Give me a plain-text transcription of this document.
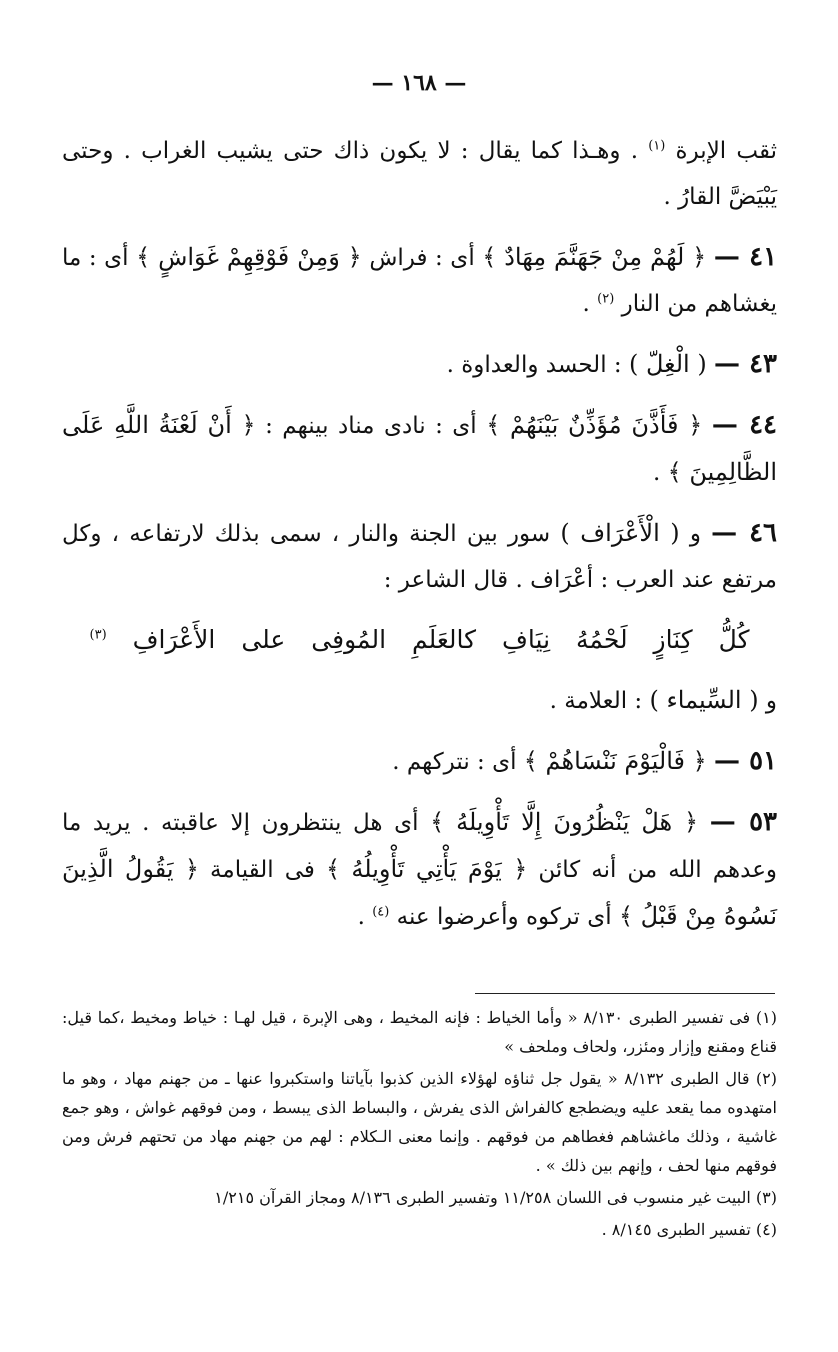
— ١٦٨ —

ثقب الإبرة $^{(١)}$ . وهـذا كما يقال : لا يكون ذاك حتى يشيب الغراب . وحتى يَبْيَضَّ القارُ .

٤١ — ﴿ لَهُمْ مِنْ جَهَنَّمَ مِهَادٌ ﴾ أى : فراش ﴿ وَمِنْ فَوْقِهِمْ غَوَاشٍ ﴾ أى : ما يغشاهم من النار $^{(٢)}$ .

٤٣ — ( الْغِلّ ) : الحسد والعداوة .

٤٤ — ﴿ فَأَذَّنَ مُؤَذِّنٌ بَيْنَهُمْ ﴾ أى : نادى مناد بينهم : ﴿ أَنْ لَعْنَةُ اللَّهِ عَلَى الظَّالِمِينَ ﴾ .

٤٦ — و ( الْأَعْرَاف ) سور بين الجنة والنار ، سمى بذلك لارتفاعه ، وكل مرتفع عند العرب : أعْرَاف . قال الشاعر :

كُلُّ كِنَازٍ لَحْمُهُ نِيَافِ كالعَلَمِ المُوفِى على الأَعْرَافِ $^{(٣)}$

و ( السِّيماء ) : العلامة .

٥١ — ﴿ فَالْيَوْمَ نَنْسَاهُمْ ﴾ أى : نتركهم .

٥٣ — ﴿ هَلْ يَنْظُرُونَ إِلَّا تَأْوِيلَهُ ﴾ أى هل ينتظرون إلا عاقبته . يريد ما وعدهم الله من أنه كائن ﴿ يَوْمَ يَأْتِي تَأْوِيلُهُ ﴾ فى القيامة ﴿ يَقُولُ الَّذِينَ نَسُوهُ مِنْ قَبْلُ ﴾ أى تركوه وأعرضوا عنه $^{(٤)}$ .

(١) فى تفسير الطبرى ٨/١٣٠ « وأما الخياط : فإنه المخيط ، وهى الإبرة ، قيل لهـا : خياط ومخيط ،كما قيل: قناع ومقنع وإزار ومئزر، ولحاف وملحف »

(٢) قال الطبرى ٨/١٣٢ « يقول جل ثناؤه لهؤلاء الذين كذبوا بآياتنا واستكبروا عنها ـ من جهنم مهاد ، وهو ما امتهدوه مما يقعد عليه ويضطجع كالفراش الذى يفرش ، والبساط الذى يبسط ، ومن فوقهم غواش ، وهو جمع غاشية ، وذلك ماغشاهم فغطاهم من فوقهم . وإنما معنى الـكلام : لهم من جهنم مهاد من تحتهم فرش ومن فوقهم منها لحف ، وإنهم بين ذلك » .

(٣) البيت غير منسوب فى اللسان ١١/٢٥٨ وتفسير الطبرى ٨/١٣٦ ومجاز القرآن ١/٢١٥

(٤) تفسير الطبرى ٨/١٤٥ .
